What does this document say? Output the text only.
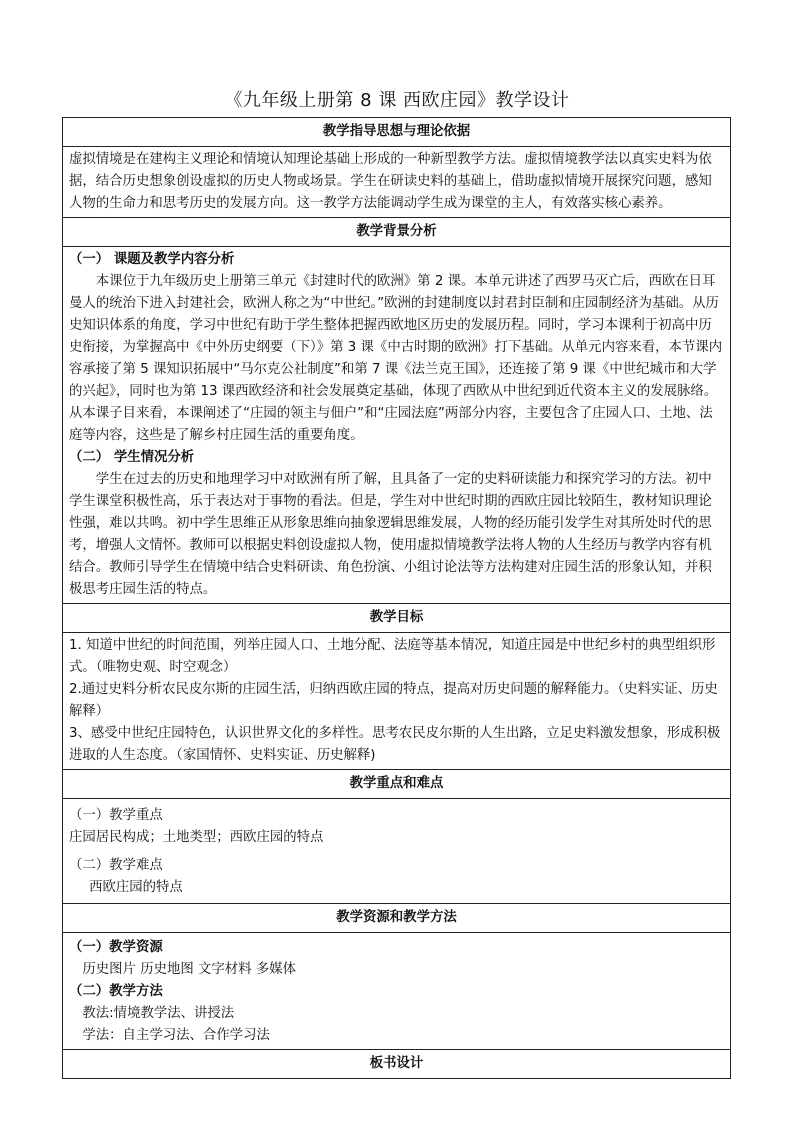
《九年级上册第 8 课 西欧庄园》教学设计
教学指导思想与理论依据

虚拟情境是在建构主义理论和情境认知理论基础上形成的一种新型教学方法。虚拟情境教学法以真实史料为依据，结合历史想象创设虚拟的历史人物或场景。学生在研读史料的基础上，借助虚拟情境开展探究问题，感知人物的生命力和思考历史的发展方向。这一教学方法能调动学生成为课堂的主人，有效落实核心素养。

教学背景分析

（一） 课题及教学内容分析

本课位于九年级历史上册第三单元《封建时代的欧洲》第 2 课。本单元讲述了西罗马灭亡后，西欧在日耳曼人的统治下进入封建社会，欧洲人称之为“中世纪。”欧洲的封建制度以封君封臣制和庄园制经济为基础。从历史知识体系的角度，学习中世纪有助于学生整体把握西欧地区历史的发展历程。同时，学习本课利于初高中历史衔接，为掌握高中《中外历史纲要（下）》第 3 课《中古时期的欧洲》打下基础。从单元内容来看，本节课内容承接了第 5 课知识拓展中“马尔克公社制度”和第 7 课《法兰克王国》，还连接了第 9 课《中世纪城市和大学的兴起》，同时也为第 13 课西欧经济和社会发展奠定基础，体现了西欧从中世纪到近代资本主义的发展脉络。从本课子目来看，本课阐述了“庄园的领主与佃户”和“庄园法庭”两部分内容，主要包含了庄园人口、土地、法庭等内容，这些是了解乡村庄园生活的重要角度。

（二） 学生情况分析

学生在过去的历史和地理学习中对欧洲有所了解，且具备了一定的史料研读能力和探究学习的方法。初中学生课堂积极性高，乐于表达对于事物的看法。但是，学生对中世纪时期的西欧庄园比较陌生，教材知识理论性强，难以共鸣。初中学生思维正从形象思维向抽象逻辑思维发展，人物的经历能引发学生对其所处时代的思考，增强人文情怀。教师可以根据史料创设虚拟人物，使用虚拟情境教学法将人物的人生经历与教学内容有机结合。教师引导学生在情境中结合史料研读、角色扮演、小组讨论法等方法构建对庄园生活的形象认知，并积极思考庄园生活的特点。

教学目标

1. 知道中世纪的时间范围，列举庄园人口、土地分配、法庭等基本情况，知道庄园是中世纪乡村的典型组织形式。（唯物史观、时空观念）

2.通过史料分析农民皮尔斯的庄园生活，归纳西欧庄园的特点，提高对历史问题的解释能力。（史料实证、历史解释）

3、感受中世纪庄园特色，认识世界文化的多样性。思考农民皮尔斯的人生出路，立足史料激发想象，形成积极进取的人生态度。（家国情怀、史料实证、历史解释)

教学重点和难点

（一）教学重点

庄园居民构成；土地类型；西欧庄园的特点

（二）教学难点

西欧庄园的特点

教学资源和教学方法

（一）教学资源

历史图片 历史地图 文字材料 多媒体

（二）教学方法

教法:情境教学法、讲授法

学法：自主学习法、合作学习法

板书设计
